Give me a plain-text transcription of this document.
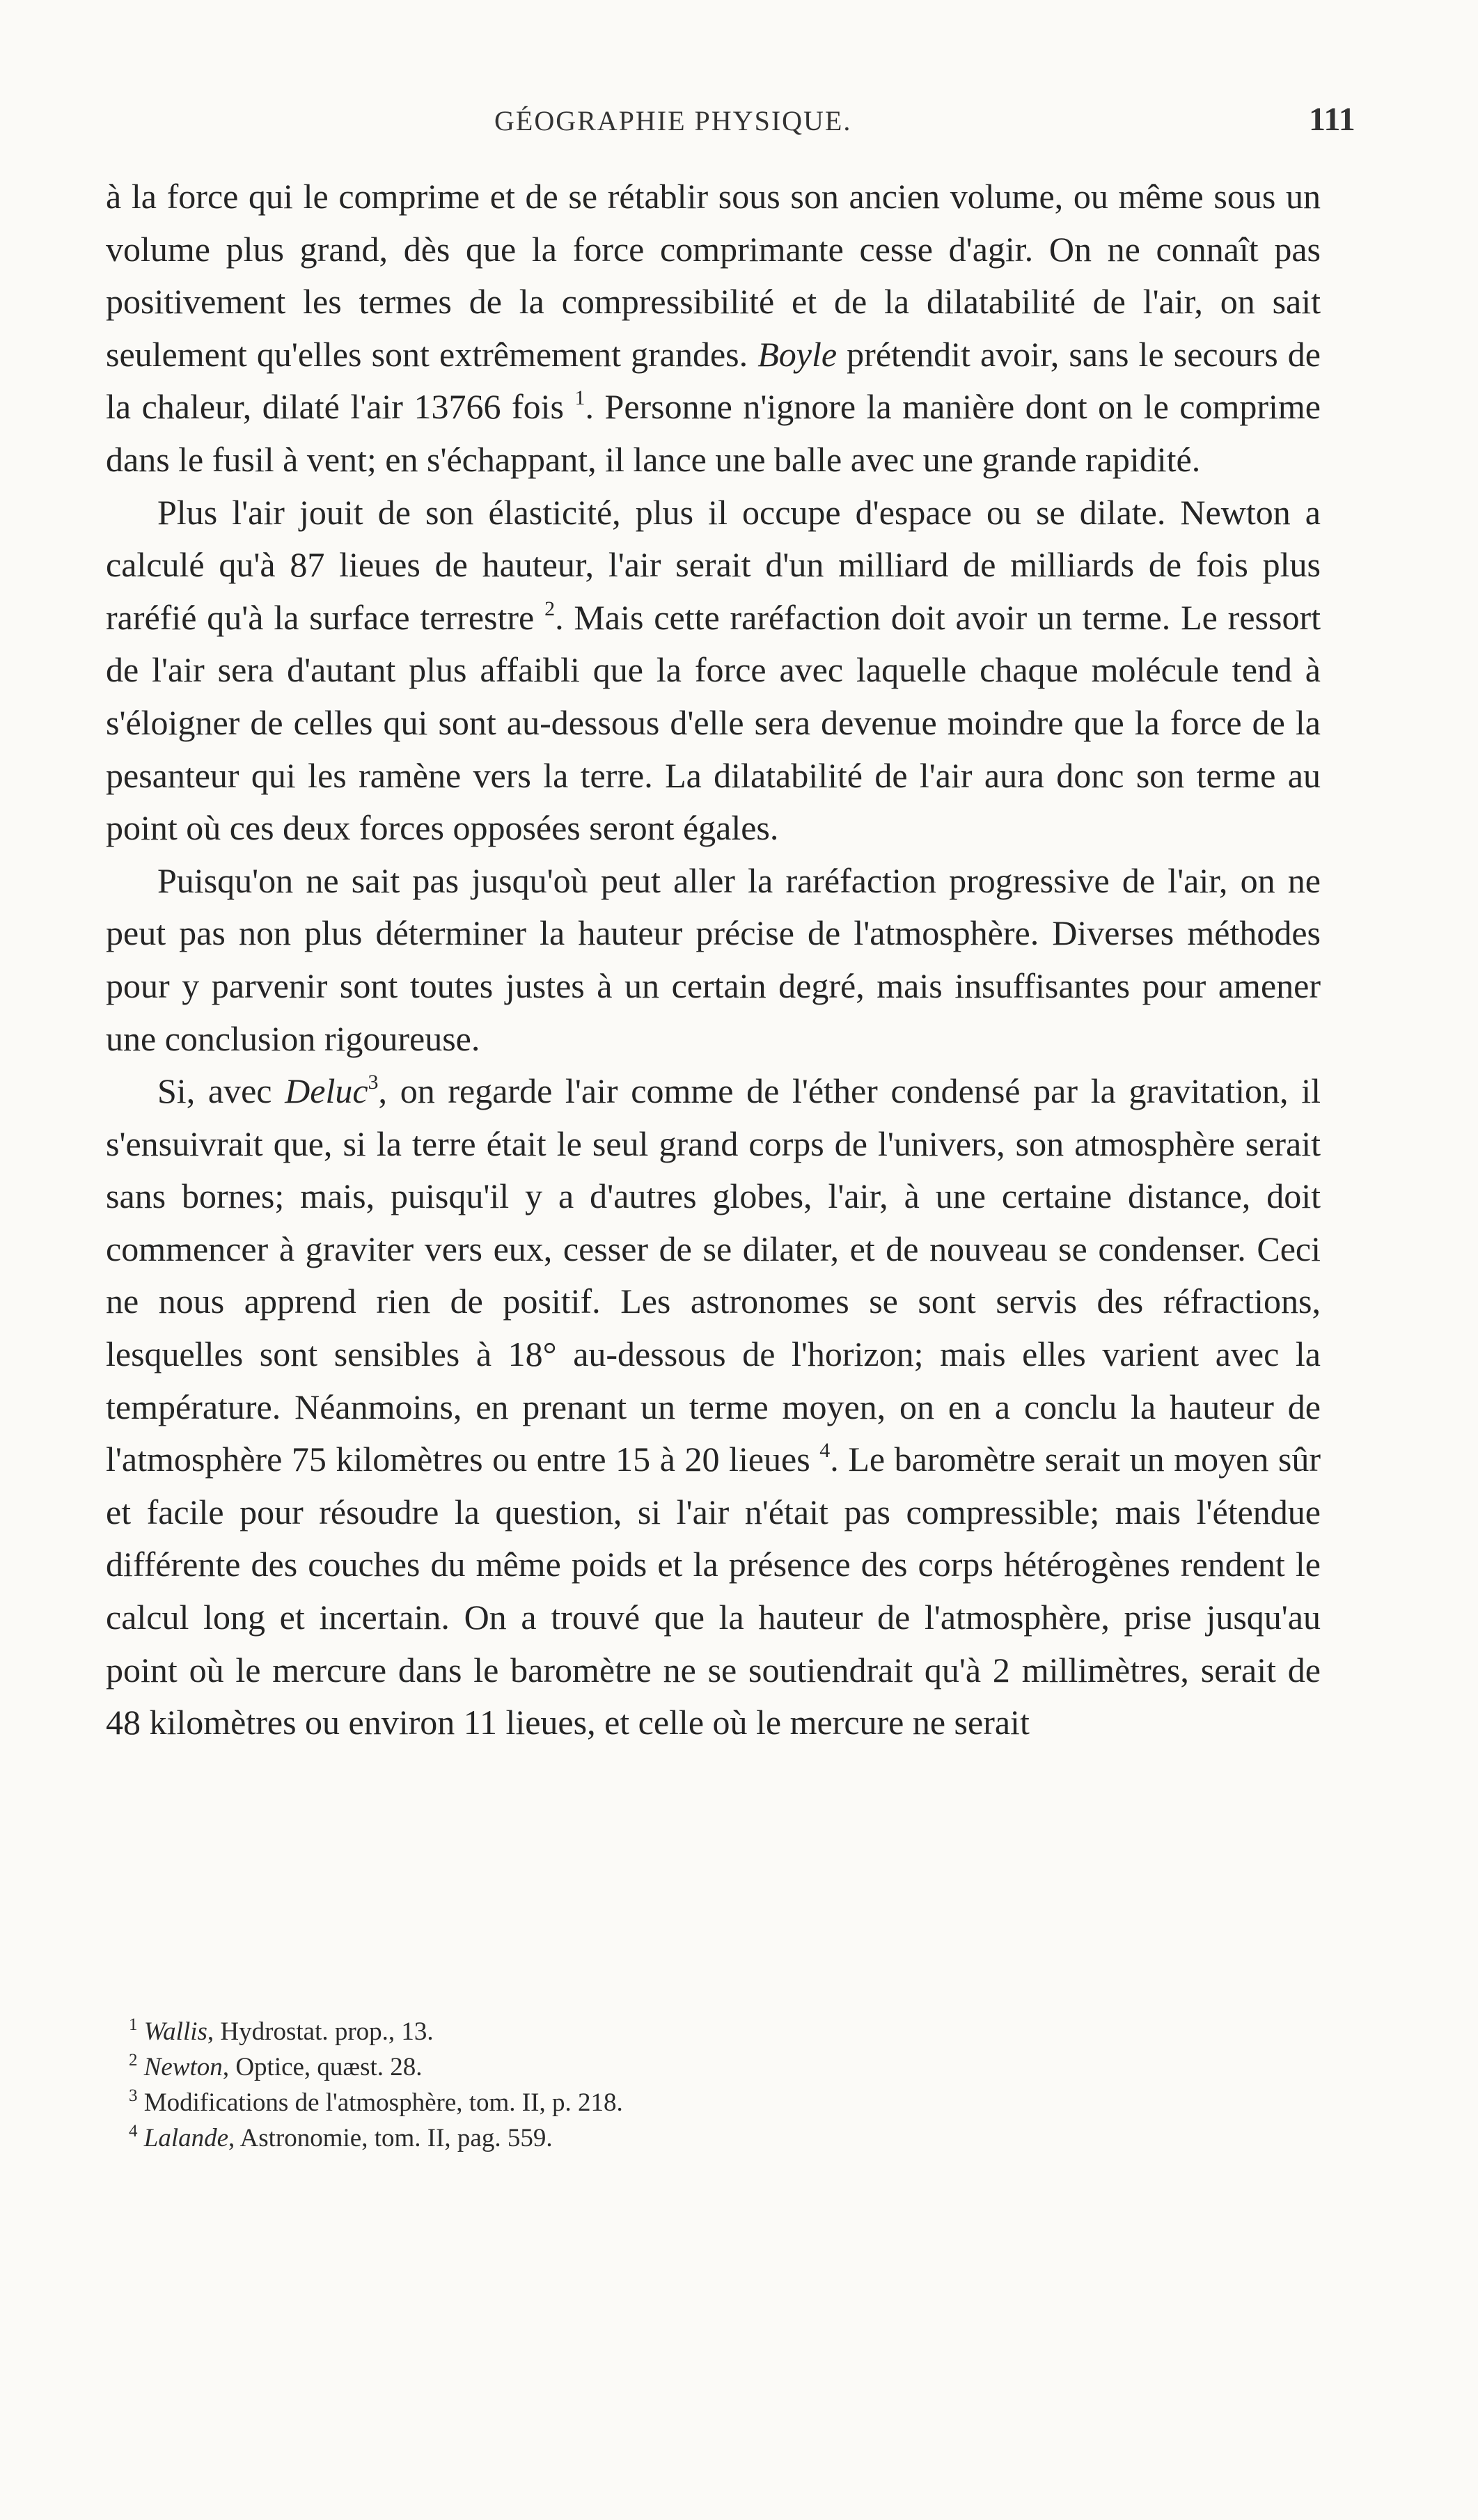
GÉOGRAPHIE PHYSIQUE.	111

à la force qui le comprime et de se rétablir sous son ancien volume, ou même sous un volume plus grand, dès que la force comprimante cesse d'agir. On ne connaît pas positivement les termes de la compressibilité et de la dilatabilité de l'air, on sait seulement qu'elles sont extrêmement grandes. Boyle prétendit avoir, sans le secours de la chaleur, dilaté l'air 13766 fois $^1$. Personne n'ignore la manière dont on le comprime dans le fusil à vent; en s'échappant, il lance une balle avec une grande rapidité.

Plus l'air jouit de son élasticité, plus il occupe d'espace ou se dilate. Newton a calculé qu'à 87 lieues de hauteur, l'air serait d'un milliard de milliards de fois plus raréfié qu'à la surface terrestre $^2$. Mais cette raréfaction doit avoir un terme. Le ressort de l'air sera d'autant plus affaibli que la force avec laquelle chaque molécule tend à s'éloigner de celles qui sont au-dessous d'elle sera devenue moindre que la force de la pesanteur qui les ramène vers la terre. La dilatabilité de l'air aura donc son terme au point où ces deux forces opposées seront égales.

Puisqu'on ne sait pas jusqu'où peut aller la raréfaction progressive de l'air, on ne peut pas non plus déterminer la hauteur précise de l'atmosphère. Diverses méthodes pour y parvenir sont toutes justes à un certain degré, mais insuffisantes pour amener une conclusion rigoureuse.

Si, avec Deluc$^3$, on regarde l'air comme de l'éther condensé par la gravitation, il s'ensuivrait que, si la terre était le seul grand corps de l'univers, son atmosphère serait sans bornes; mais, puisqu'il y a d'autres globes, l'air, à une certaine distance, doit commencer à graviter vers eux, cesser de se dilater, et de nouveau se condenser. Ceci ne nous apprend rien de positif. Les astronomes se sont servis des réfractions, lesquelles sont sensibles à 18° au-dessous de l'horizon; mais elles varient avec la température. Néanmoins, en prenant un terme moyen, on en a conclu la hauteur de l'atmosphère 75 kilomètres ou entre 15 à 20 lieues $^4$. Le baromètre serait un moyen sûr et facile pour résoudre la question, si l'air n'était pas compressible; mais l'étendue différente des couches du même poids et la présence des corps hétérogènes rendent le calcul long et incertain. On a trouvé que la hauteur de l'atmosphère, prise jusqu'au point où le mercure dans le baromètre ne se soutiendrait qu'à 2 millimètres, serait de 48 kilomètres ou environ 11 lieues, et celle où le mercure ne serait

$^1$ Wallis, Hydrostat. prop., 13.

$^2$ Newton, Optice, quæst. 28.

$^3$ Modifications de l'atmosphère, tom. II, p. 218.

$^4$ Lalande, Astronomie, tom. II, pag. 559.
